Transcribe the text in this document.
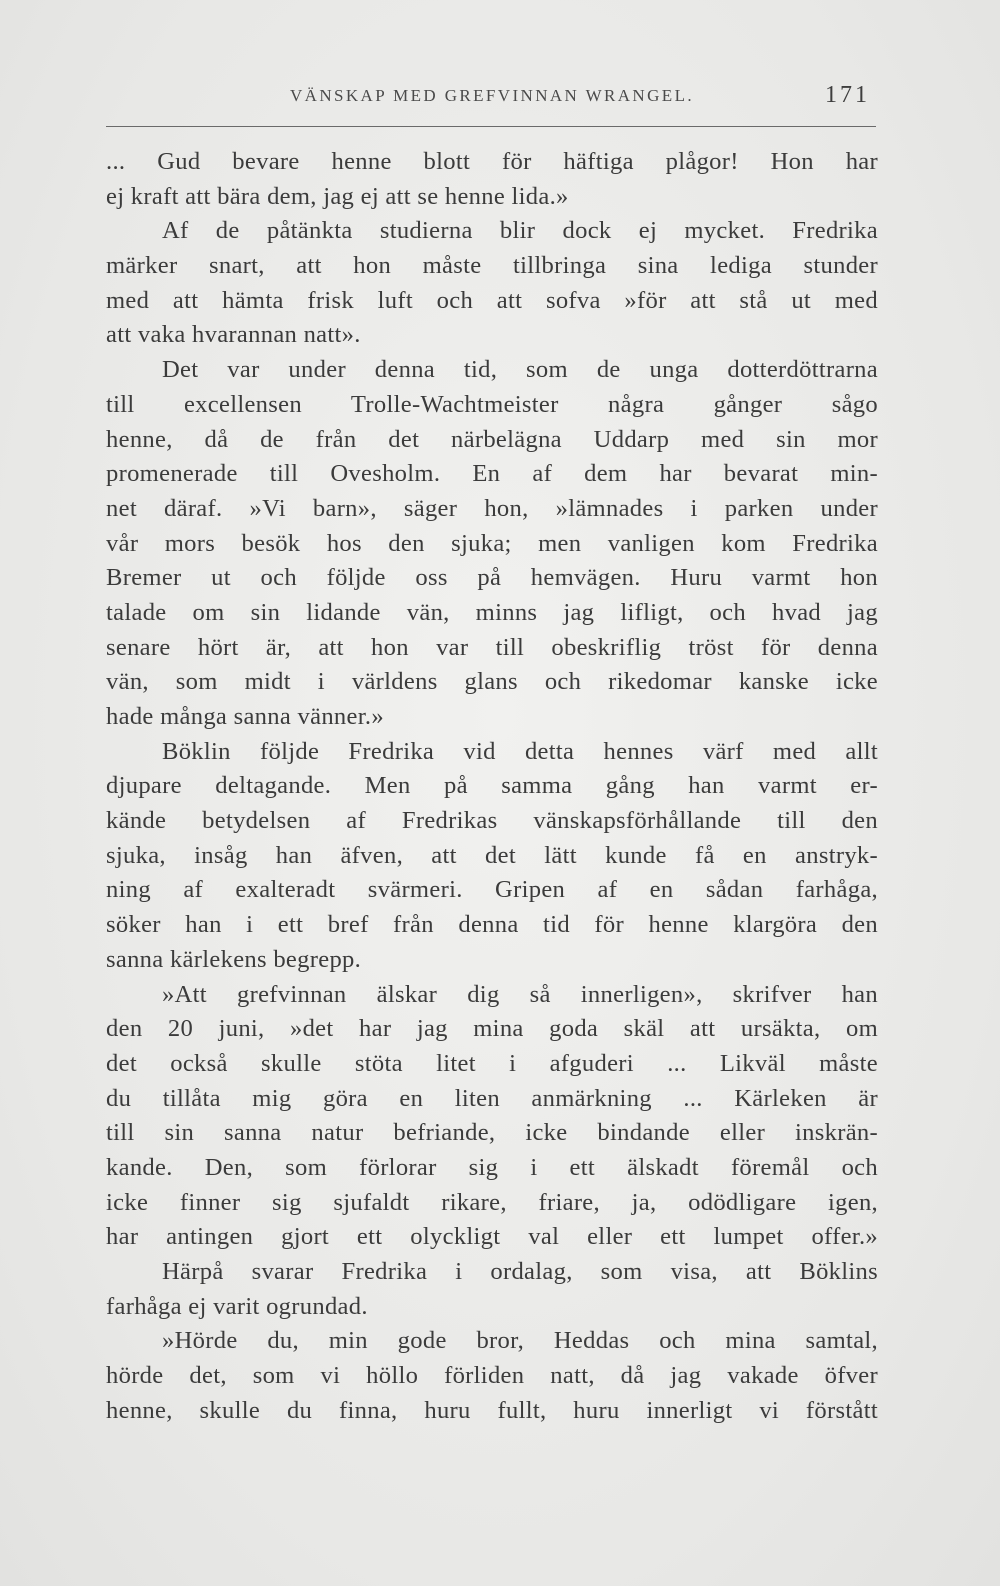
VÄNSKAP MED GREFVINNAN WRANGEL.	171
... Gud bevare henne blott för häftiga plågor! Hon har
ej kraft att bära dem, jag ej att se henne lida.»
Af de påtänkta studierna blir dock ej mycket. Fredrika
märker snart, att hon måste tillbringa sina lediga stunder
med att hämta frisk luft och att sofva »för att stå ut med
att vaka hvarannan natt».
Det var under denna tid, som de unga dotterdöttrarna
till excellensen Trolle-Wachtmeister några gånger sågo
henne, då de från det närbelägna Uddarp med sin mor
promenerade till Ovesholm. En af dem har bevarat min-
net däraf. »Vi barn», säger hon, »lämnades i parken under
vår mors besök hos den sjuka; men vanligen kom Fredrika
Bremer ut och följde oss på hemvägen. Huru varmt hon
talade om sin lidande vän, minns jag lifligt, och hvad jag
senare hört är, att hon var till obeskriflig tröst för denna
vän, som midt i världens glans och rikedomar kanske icke
hade många sanna vänner.»
Böklin följde Fredrika vid detta hennes värf med allt
djupare deltagande. Men på samma gång han varmt er-
kände betydelsen af Fredrikas vänskapsförhållande till den
sjuka, insåg han äfven, att det lätt kunde få en anstryk-
ning af exalteradt svärmeri. Gripen af en sådan farhåga,
söker han i ett bref från denna tid för henne klargöra den
sanna kärlekens begrepp.
»Att grefvinnan älskar dig så innerligen», skrifver han
den 20 juni, »det har jag mina goda skäl att ursäkta, om
det också skulle stöta litet i afguderi ... Likväl måste
du tillåta mig göra en liten anmärkning ... Kärleken är
till sin sanna natur befriande, icke bindande eller inskrän-
kande. Den, som förlorar sig i ett älskadt föremål och
icke finner sig sjufaldt rikare, friare, ja, odödligare igen,
har antingen gjort ett olyckligt val eller ett lumpet offer.»
Härpå svarar Fredrika i ordalag, som visa, att Böklins
farhåga ej varit ogrundad.
»Hörde du, min gode bror, Heddas och mina samtal,
hörde det, som vi höllo förliden natt, då jag vakade öfver
henne, skulle du finna, huru fullt, huru innerligt vi förstått
